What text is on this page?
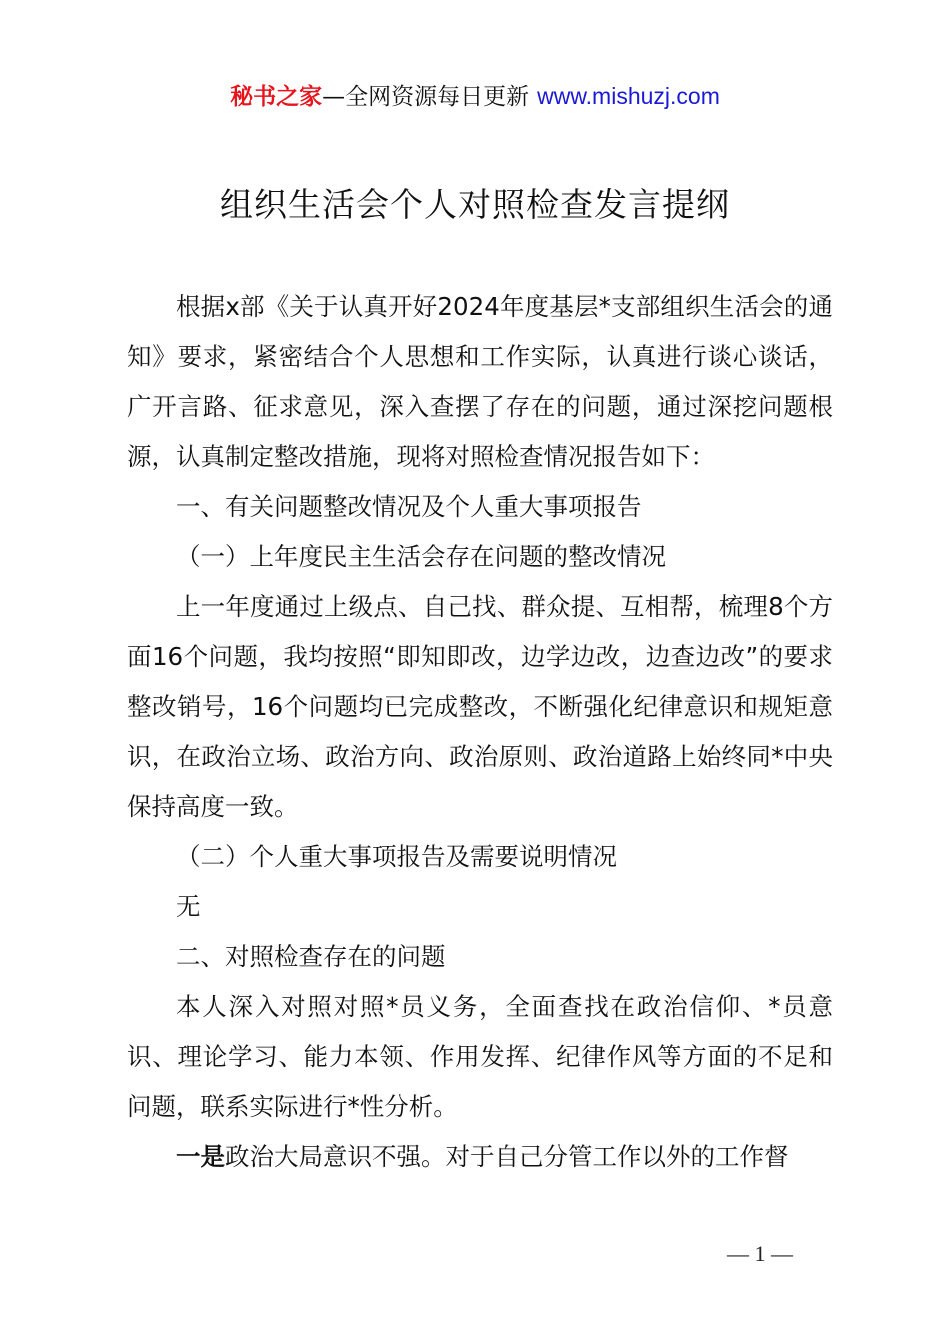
秘书之家—全网资源每日更新 www.mishuzj.com
组织生活会个人对照检查发言提纲

根据x部《关于认真开好2024年度基层*支部组织生活会的通知》要求，紧密结合个人思想和工作实际，认真进行谈心谈话，广开言路、征求意见，深入查摆了存在的问题，通过深挖问题根源，认真制定整改措施，现将对照检查情况报告如下：

一、有关问题整改情况及个人重大事项报告

（一）上年度民主生活会存在问题的整改情况

上一年度通过上级点、自己找、群众提、互相帮，梳理8个方面16个问题，我均按照“即知即改，边学边改，边查边改”的要求整改销号，16个问题均已完成整改，不断强化纪律意识和规矩意识，在政治立场、政治方向、政治原则、政治道路上始终同*中央保持高度一致。

（二）个人重大事项报告及需要说明情况

无

二、对照检查存在的问题

本人深入对照对照*员义务，全面查找在政治信仰、*员意识、理论学习、能力本领、作用发挥、纪律作风等方面的不足和问题，联系实际进行*性分析。

一是政治大局意识不强。对于自己分管工作以外的工作督

— 1 —
